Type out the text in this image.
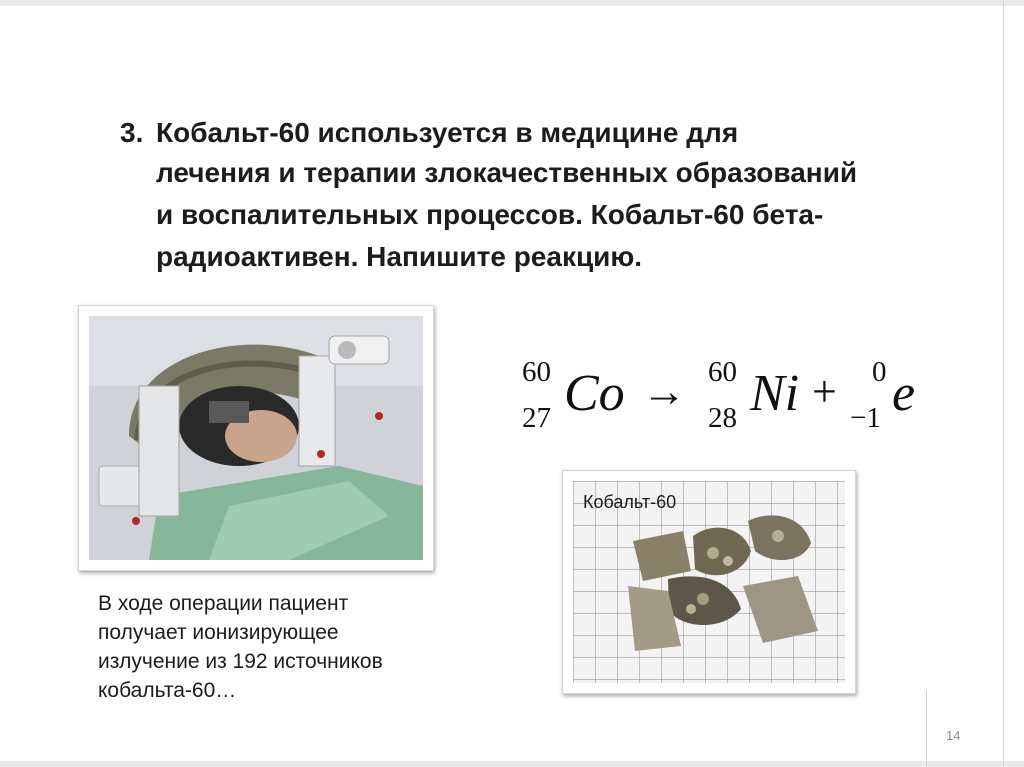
3. Кобальт-60 используется в медицине для
лечения и терапии злокачественных образований
и воспалительных процессов. Кобальт-60 бета-
радиоактивен. Напишите реакцию.
В ходе операции пациент
получает ионизирующее
излучение из 192 источников
кобальта-60…
60
27 Co → 60
28 Ni + 0
−1 e
Кобальт-60
14
